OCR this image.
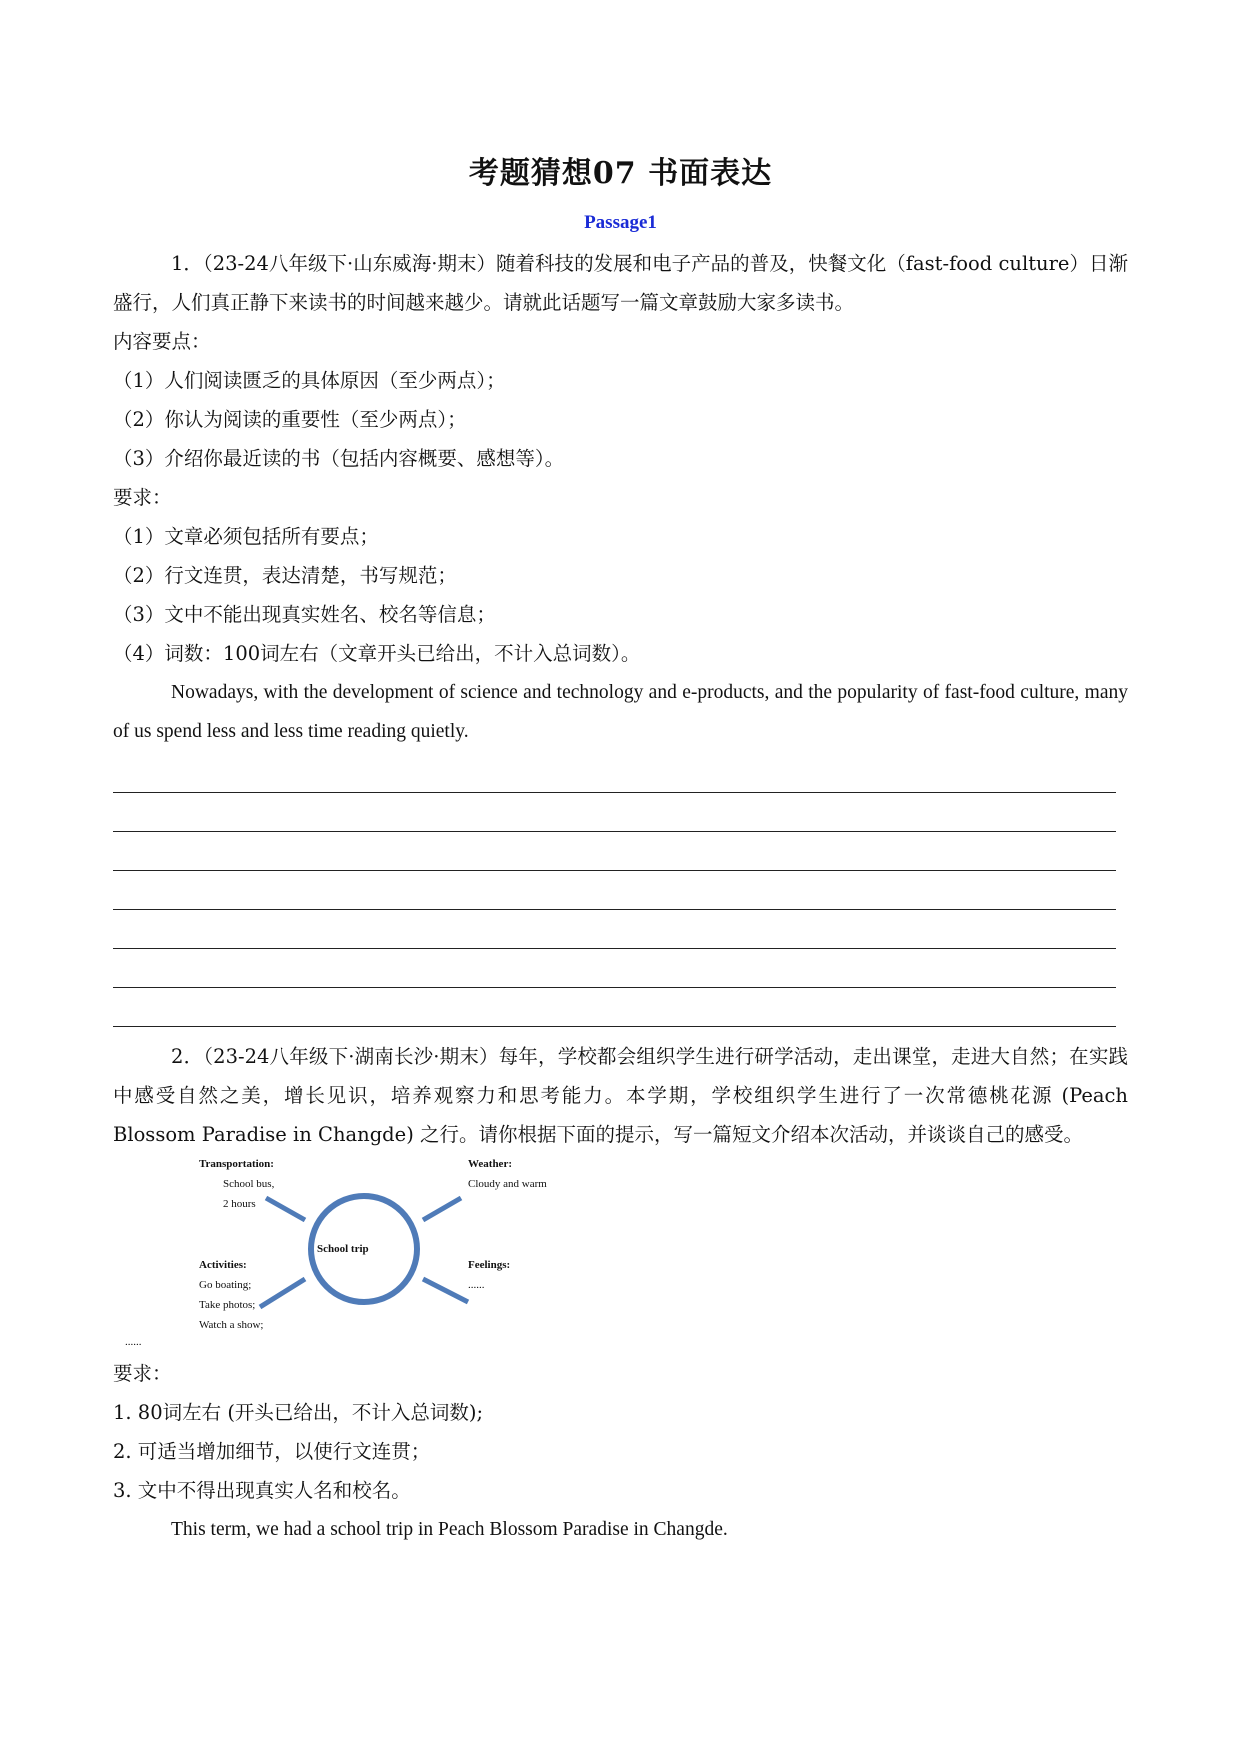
考题猜想07 书面表达
Passage1

1．（23-24八年级下·山东威海·期末）随着科技的发展和电子产品的普及，快餐文化（fast-food culture）日渐盛行，人们真正静下来读书的时间越来越少。请就此话题写一篇文章鼓励大家多读书。

内容要点：

（1）人们阅读匮乏的具体原因（至少两点）；

（2）你认为阅读的重要性（至少两点）；

（3）介绍你最近读的书（包括内容概要、感想等）。

要求：

（1）文章必须包括所有要点；

（2）行文连贯，表达清楚，书写规范；

（3）文中不能出现真实姓名、校名等信息；

（4）词数：100词左右（文章开头已给出，不计入总词数）。

Nowadays, with the development of science and technology and e-products, and the popularity of fast-food culture, many of us spend less and less time reading quietly.

2．（23-24八年级下·湖南长沙·期末）每年，学校都会组织学生进行研学活动，走出课堂，走进大自然；在实践中感受自然之美，增长见识，培养观察力和思考能力。本学期，学校组织学生进行了一次常德桃花源 (Peach Blossom Paradise in Changde) 之行。请你根据下面的提示，写一篇短文介绍本次活动，并谈谈自己的感受。

School trip
Transportation:
School bus,
2 hours
Weather:
Cloudy and warm
Activities:
Go boating;
Take photos;
Watch a show;
......
Feelings:
......

要求：

1. 80词左右 (开头已给出，不计入总词数);

2. 可适当增加细节，以使行文连贯；

3. 文中不得出现真实人名和校名。

This term, we had a school trip in Peach Blossom Paradise in Changde.
